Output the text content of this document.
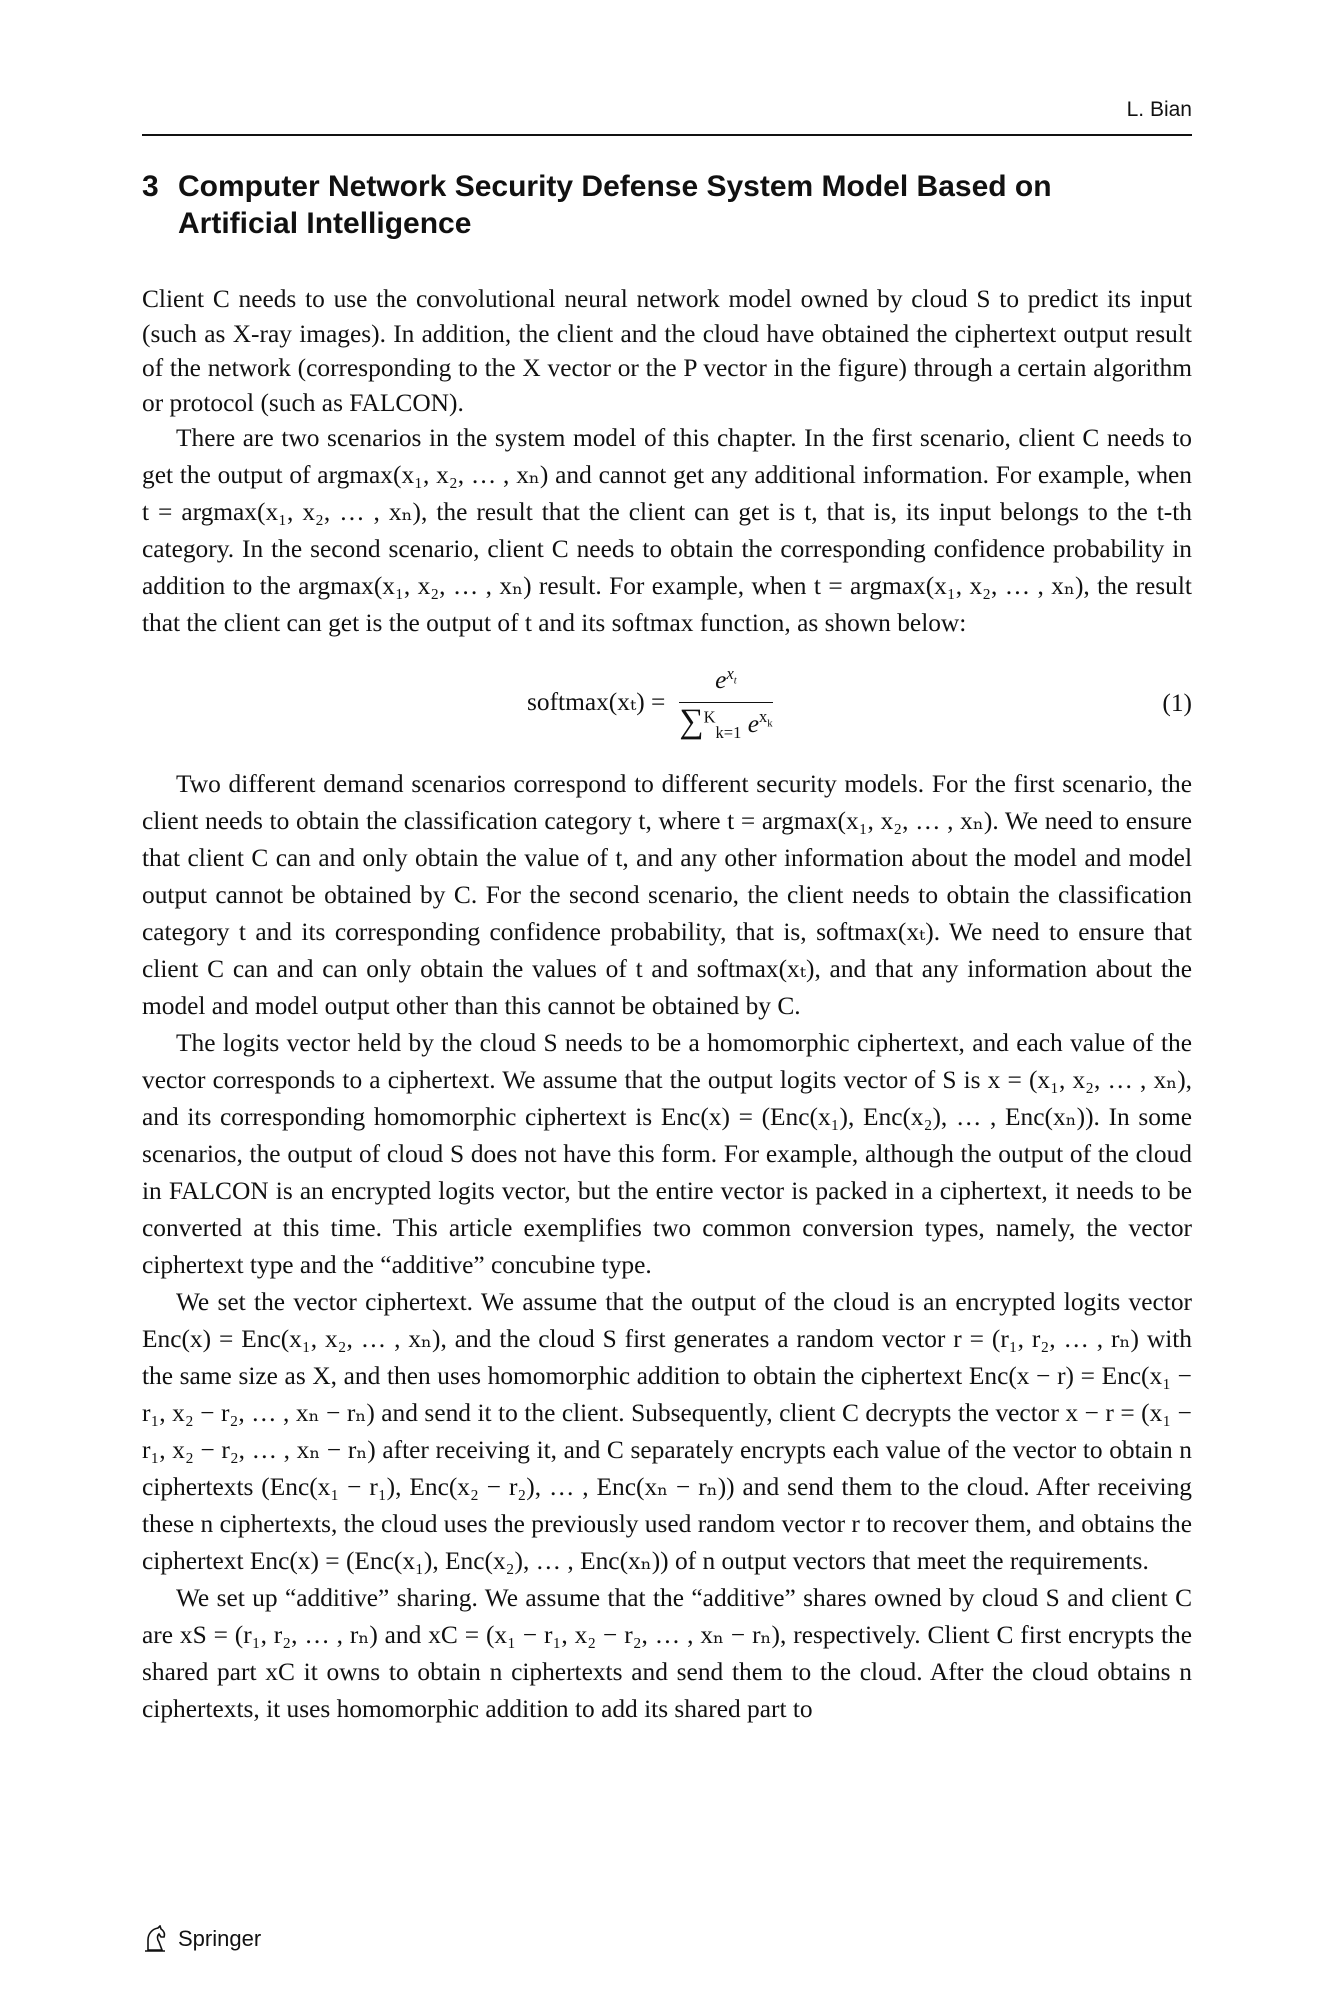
L. Bian
3 Computer Network Security Defense System Model Based on Artificial Intelligence

Client C needs to use the convolutional neural network model owned by cloud S to predict its input (such as X-ray images). In addition, the client and the cloud have obtained the ciphertext output result of the network (corresponding to the X vector or the P vector in the figure) through a certain algorithm or protocol (such as FALCON).

There are two scenarios in the system model of this chapter. In the first scenario, client C needs to get the output of argmax(x₁, x₂, … , xₙ) and cannot get any additional information. For example, when t = argmax(x₁, x₂, … , xₙ), the result that the client can get is t, that is, its input belongs to the t-th category. In the second scenario, client C needs to obtain the corresponding confidence probability in addition to the argmax(x₁, x₂, … , xₙ) result. For example, when t = argmax(x₁, x₂, … , xₙ), the result that the client can get is the output of t and its softmax function, as shown below:

softmax(xₜ) = $\frac{e^{x_t}}{\sum^K_{k=1} e^{x_k}}$	(1)

Two different demand scenarios correspond to different security models. For the first scenario, the client needs to obtain the classification category t, where t = argmax(x₁, x₂, … , xₙ). We need to ensure that client C can and only obtain the value of t, and any other information about the model and model output cannot be obtained by C. For the second scenario, the client needs to obtain the classification category t and its corresponding confidence probability, that is, softmax(xₜ). We need to ensure that client C can and can only obtain the values of t and softmax(xₜ), and that any information about the model and model output other than this cannot be obtained by C.

The logits vector held by the cloud S needs to be a homomorphic ciphertext, and each value of the vector corresponds to a ciphertext. We assume that the output logits vector of S is x = (x₁, x₂, … , xₙ), and its corresponding homomorphic ciphertext is Enc(x) = (Enc(x₁), Enc(x₂), … , Enc(xₙ)). In some scenarios, the output of cloud S does not have this form. For example, although the output of the cloud in FALCON is an encrypted logits vector, but the entire vector is packed in a ciphertext, it needs to be converted at this time. This article exemplifies two common conversion types, namely, the vector ciphertext type and the “additive” concubine type.

We set the vector ciphertext. We assume that the output of the cloud is an encrypted logits vector Enc(x) = Enc(x₁, x₂, … , xₙ), and the cloud S first generates a random vector r = (r₁, r₂, … , rₙ) with the same size as X, and then uses homomorphic addition to obtain the ciphertext Enc(x − r) = Enc(x₁ − r₁, x₂ − r₂, … , xₙ − rₙ) and send it to the client. Subsequently, client C decrypts the vector x − r = (x₁ − r₁, x₂ − r₂, … , xₙ − rₙ) after receiving it, and C separately encrypts each value of the vector to obtain n ciphertexts (Enc(x₁ − r₁), Enc(x₂ − r₂), … , Enc(xₙ − rₙ)) and send them to the cloud. After receiving these n ciphertexts, the cloud uses the previously used random vector r to recover them, and obtains the ciphertext Enc(x) = (Enc(x₁), Enc(x₂), … , Enc(xₙ)) of n output vectors that meet the requirements.

We set up “additive” sharing. We assume that the “additive” shares owned by cloud S and client C are xS = (r₁, r₂, … , rₙ) and xC = (x₁ − r₁, x₂ − r₂, … , xₙ − rₙ), respectively. Client C first encrypts the shared part xC it owns to obtain n ciphertexts and send them to the cloud. After the cloud obtains n ciphertexts, it uses homomorphic addition to add its shared part to

Springer
